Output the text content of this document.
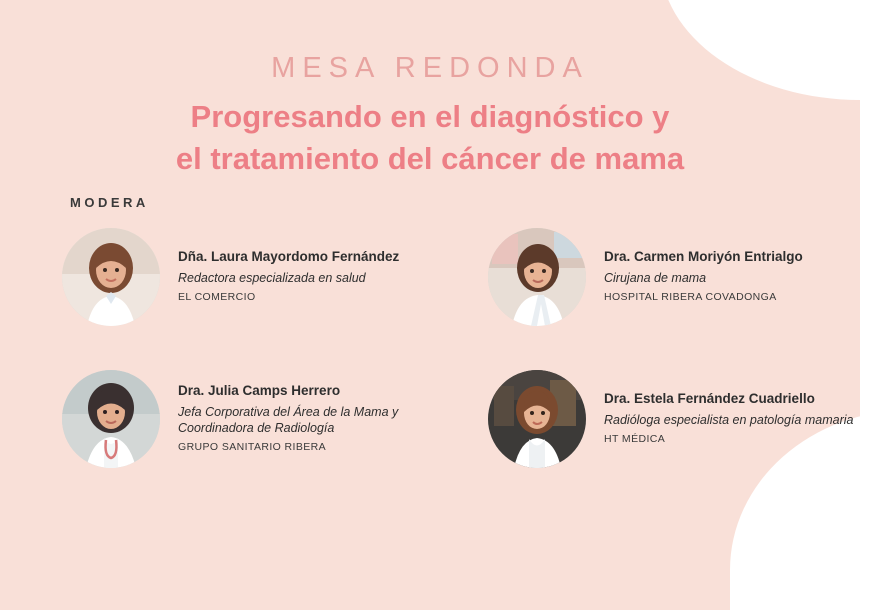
MESA REDONDA
Progresando en el diagnóstico y
el tratamiento del cáncer de mama
MODERA
Dña. Laura Mayordomo Fernández
Redactora especializada en salud
EL COMERCIO
Dra. Carmen Moriyón Entrialgo
Cirujana de mama
HOSPITAL RIBERA COVADONGA
Dra. Julia Camps Herrero
Jefa Corporativa del Área de la Mama y Coordinadora de Radiología
GRUPO SANITARIO RIBERA
Dra. Estela Fernández Cuadriello
Radióloga especialista en patología mamaria
HT MÉDICA
